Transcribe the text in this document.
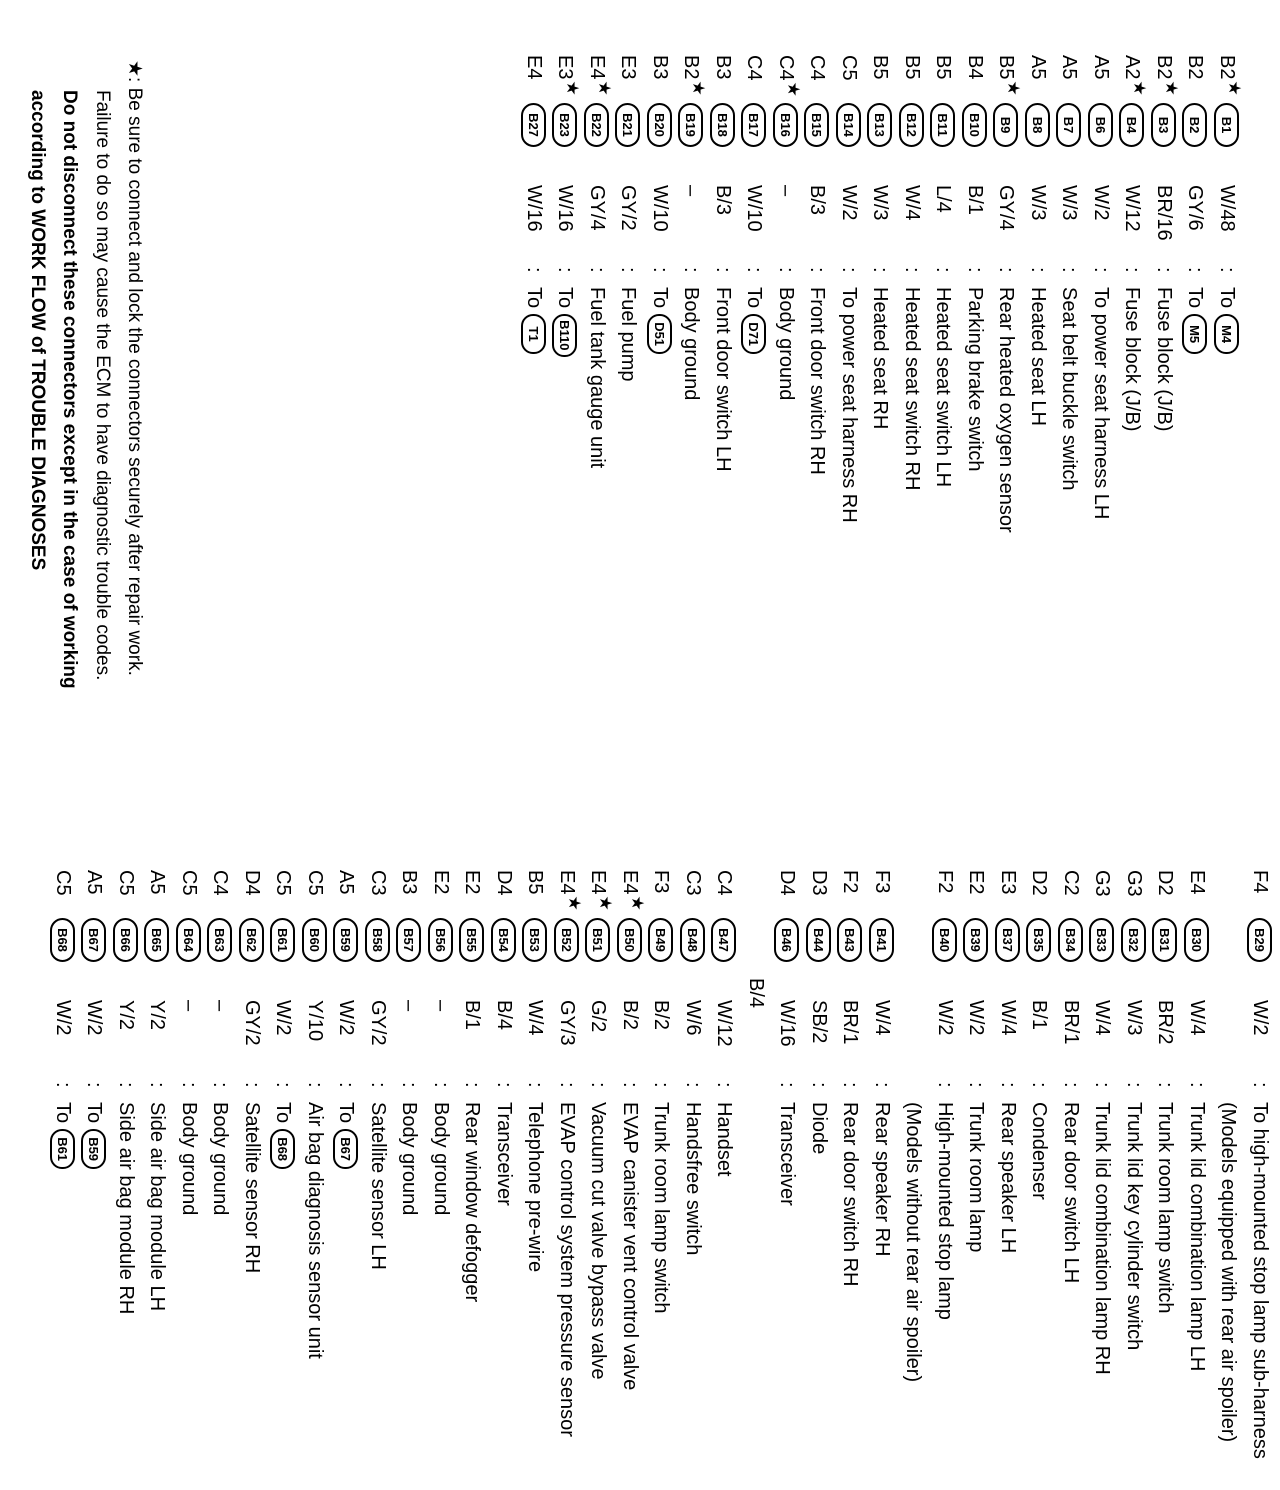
B2★
B1
W/48
:
ToM4
B2
B2
GY/6
:
ToM5
B2★
B3
BR/16
:
Fuse block (J/B)
A2★
B4
W/12
:
Fuse block (J/B)
A5
B6
W/2
:
To power seat harness LH
A5
B7
W/3
:
Seat belt buckle switch
A5
B8
W/3
:
Heated seat LH
B5★
B9
GY/4
:
Rear heated oxygen sensor
B4
B10
B/1
:
Parking brake switch
B5
B11
L/4
:
Heated seat switch LH
B5
B12
W/4
:
Heated seat switch RH
B5
B13
W/3
:
Heated seat RH
C5
B14
W/2
:
To power seat harness RH
C4
B15
B/3
:
Front door switch RH
C4★
B16
–
:
Body ground
C4
B17
W/10
:
ToD71
B3
B18
B/3
:
Front door switch LH
B2★
B19
–
:
Body ground
B3
B20
W/10
:
ToD51
E3
B21
GY/2
:
Fuel pump
E4★
B22
GY/4
:
Fuel tank gauge unit
E3★
B23
W/16
:
ToB110
E4
B27
W/16
:
ToT1
F4
B29
W/2
:
To high-mounted stop lamp sub-harness
(Models equipped with rear air spoiler)
E4
B30
W/4
:
Trunk lid combination lamp LH
D2
B31
BR/2
:
Trunk room lamp switch
G3
B32
W/3
:
Trunk lid key cylinder switch
G3
B33
W/4
:
Trunk lid combination lamp RH
C2
B34
BR/1
:
Rear door switch LH
D2
B35
B/1
:
Condenser
E3
B37
W/4
:
Rear speaker LH
E2
B39
W/2
:
Trunk room lamp
F2
B40
W/2
:
High-mounted stop lamp
(Models without rear air spoiler)
F3
B41
W/4
:
Rear speaker RH
F2
B43
BR/1
:
Rear door switch RH
D3
B44
SB/2
:
Diode
D4
B46
W/16
:
Transceiver
B/4
C4
B47
W/12
:
Handset
C3
B48
W/6
:
Handsfree switch
F3
B49
B/2
:
Trunk room lamp switch
E4★
B50
B/2
:
EVAP canister vent control valve
E4★
B51
G/2
:
Vacuum cut valve bypass valve
E4★
B52
GY/3
:
EVAP control system pressure sensor
B5
B53
W/4
:
Telephone pre-wire
D4
B54
B/4
:
Transceiver
E2
B55
B/1
:
Rear window defogger
E2
B56
–
:
Body ground
B3
B57
–
:
Body ground
C3
B58
GY/2
:
Satellite sensor LH
A5
B59
W/2
:
ToB67
C5
B60
Y/10
:
Air bag diagnosis sensor unit
C5
B61
W/2
:
ToB68
D4
B62
GY/2
:
Satellite sensor RH
C4
B63
–
:
Body ground
C5
B64
–
:
Body ground
A5
B65
Y/2
:
Side air bag module LH
C5
B66
Y/2
:
Side air bag module RH
A5
B67
W/2
:
ToB59
C5
B68
W/2
:
ToB61
★: Be sure to connect and lock the connectors securely after repair work.
Failure to do so may cause the ECM to have diagnostic trouble codes.
Do not disconnect these connectors except in the case of working
according to WORK FLOW of TROUBLE DIAGNOSES
